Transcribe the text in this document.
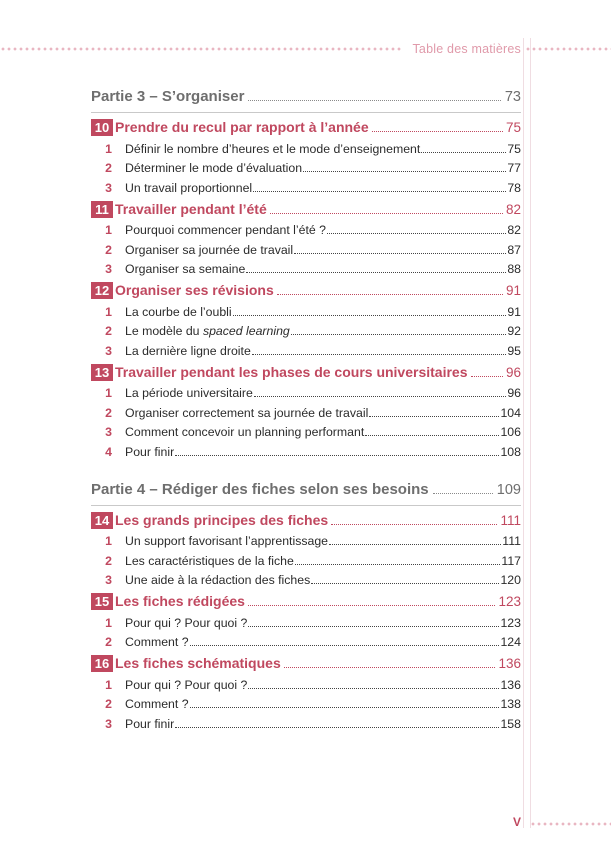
Table des matières
Partie 3 – S’organiser	73
10 Prendre du recul par rapport à l’année	75
1 Définir le nombre d’heures et le mode d’enseignement	75
2 Déterminer le mode d’évaluation	77
3 Un travail proportionnel	78
11 Travailler pendant l’été	82
1 Pourquoi commencer pendant l’été ?	82
2 Organiser sa journée de travail	87
3 Organiser sa semaine	88
12 Organiser ses révisions	91
1 La courbe de l’oubli	91
2 Le modèle du spaced learning	92
3 La dernière ligne droite	95
13 Travailler pendant les phases de cours universitaires	96
1 La période universitaire	96
2 Organiser correctement sa journée de travail	104
3 Comment concevoir un planning performant	106
4 Pour finir	108
Partie 4 – Rédiger des fiches selon ses besoins	109
14 Les grands principes des fiches	111
1 Un support favorisant l’apprentissage	111
2 Les caractéristiques de la fiche	117
3 Une aide à la rédaction des fiches	120
15 Les fiches rédigées	123
1 Pour qui ? Pour quoi ?	123
2 Comment ?	124
16 Les fiches schématiques	136
1 Pour qui ? Pour quoi ?	136
2 Comment ?	138
3 Pour finir	158
V
